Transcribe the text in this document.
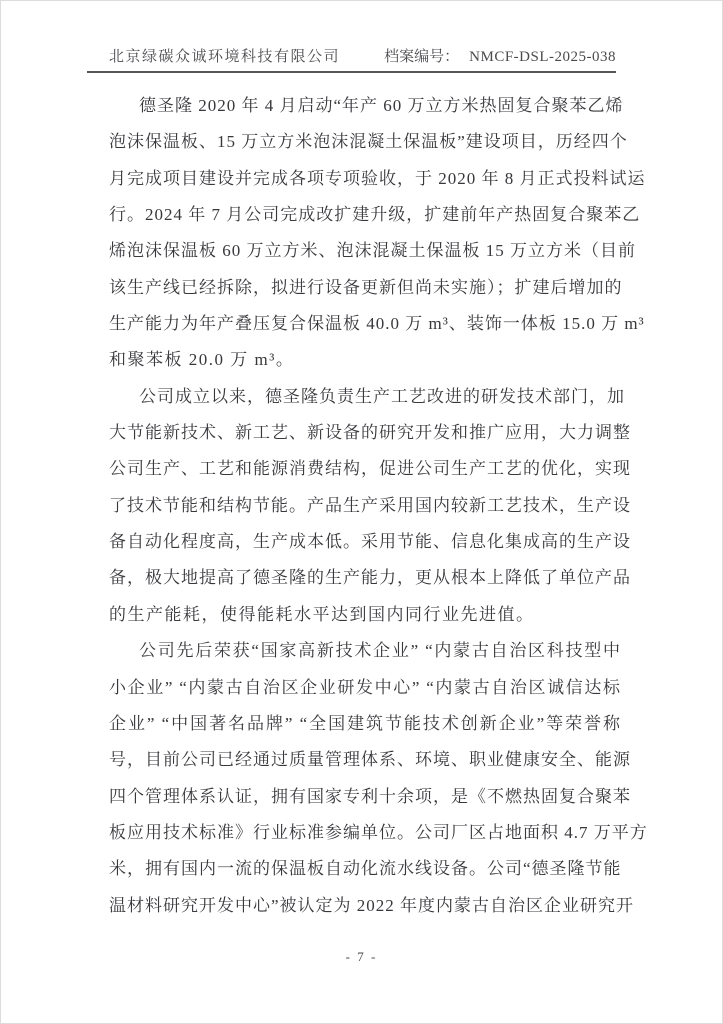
北京绿碳众诚环境科技有限公司	档案编号： NMCF-DSL-2025-038
德圣隆 2020 年 4 月启动“年产 60 万立方米热固复合聚苯乙烯
泡沫保温板、15 万立方米泡沫混凝土保温板”建设项目，历经四个
月完成项目建设并完成各项专项验收，于 2020 年 8 月正式投料试运
行。2024 年 7 月公司完成改扩建升级，扩建前年产热固复合聚苯乙
烯泡沫保温板 60 万立方米、泡沫混凝土保温板 15 万立方米（目前
该生产线已经拆除，拟进行设备更新但尚未实施）；扩建后增加的
生产能力为年产叠压复合保温板 40.0 万 m³、装饰一体板 15.0 万 m³
和聚苯板 20.0 万 m³。
公司成立以来，德圣隆负责生产工艺改进的研发技术部门，加
大节能新技术、新工艺、新设备的研究开发和推广应用，大力调整
公司生产、工艺和能源消费结构，促进公司生产工艺的优化，实现
了技术节能和结构节能。产品生产采用国内较新工艺技术，生产设
备自动化程度高，生产成本低。采用节能、信息化集成高的生产设
备，极大地提高了德圣隆的生产能力，更从根本上降低了单位产品
的生产能耗，使得能耗水平达到国内同行业先进值。
公司先后荣获“国家高新技术企业” “内蒙古自治区科技型中
小企业” “内蒙古自治区企业研发中心” “内蒙古自治区诚信达标
企业” “中国著名品牌” “全国建筑节能技术创新企业”等荣誉称
号，目前公司已经通过质量管理体系、环境、职业健康安全、能源
四个管理体系认证，拥有国家专利十余项，是《不燃热固复合聚苯
板应用技术标准》行业标准参编单位。公司厂区占地面积 4.7 万平方
米，拥有国内一流的保温板自动化流水线设备。公司“德圣隆节能
温材料研究开发中心”被认定为 2022 年度内蒙古自治区企业研究开
- 7 -
